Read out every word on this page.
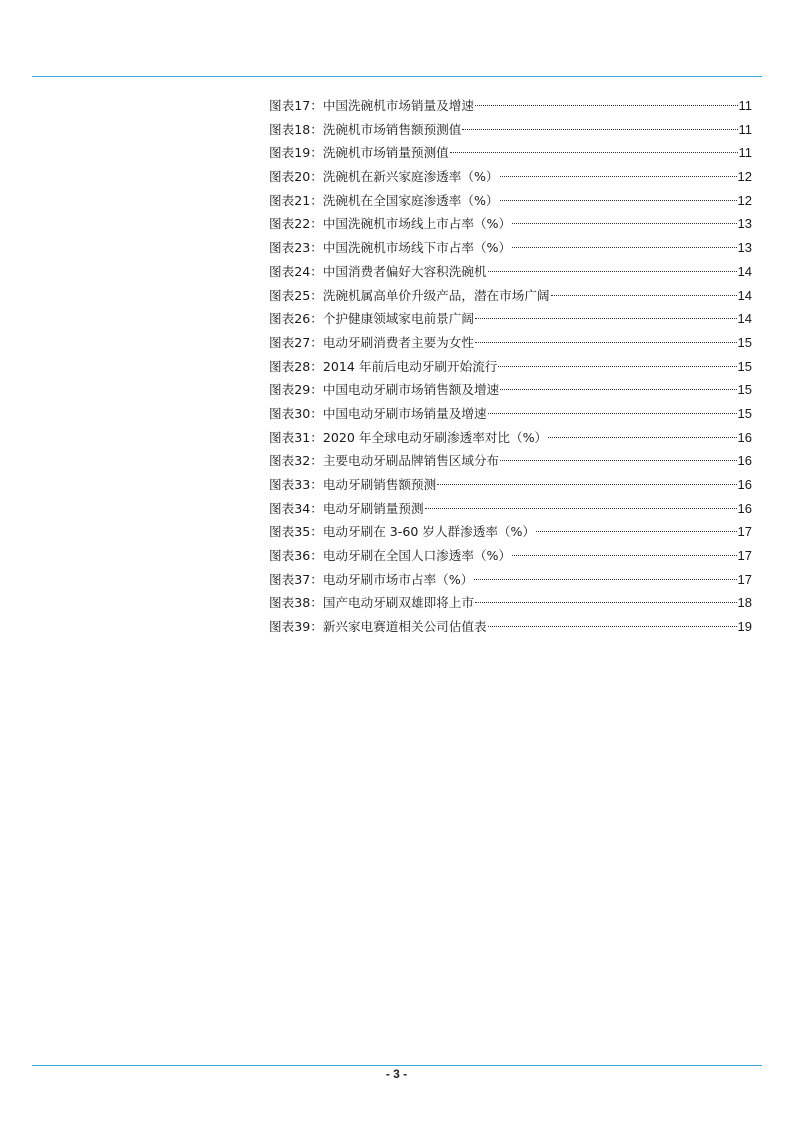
图表17： 中国洗碗机市场销量及增速	11
图表18： 洗碗机市场销售额预测值	11
图表19： 洗碗机市场销量预测值	11
图表20： 洗碗机在新兴家庭渗透率（%）	12
图表21： 洗碗机在全国家庭渗透率（%）	12
图表22： 中国洗碗机市场线上市占率（%）	13
图表23： 中国洗碗机市场线下市占率（%）	13
图表24： 中国消费者偏好大容积洗碗机	14
图表25： 洗碗机属高单价升级产品，潜在市场广阔	14
图表26： 个护健康领域家电前景广阔	14
图表27： 电动牙刷消费者主要为女性	15
图表28： 2014 年前后电动牙刷开始流行	15
图表29： 中国电动牙刷市场销售额及增速	15
图表30： 中国电动牙刷市场销量及增速	15
图表31： 2020 年全球电动牙刷渗透率对比（%）	16
图表32： 主要电动牙刷品牌销售区域分布	16
图表33： 电动牙刷销售额预测	16
图表34： 电动牙刷销量预测	16
图表35： 电动牙刷在 3-60 岁人群渗透率（%）	17
图表36： 电动牙刷在全国人口渗透率（%）	17
图表37： 电动牙刷市场市占率（%）	17
图表38： 国产电动牙刷双雄即将上市	18
图表39： 新兴家电赛道相关公司估值表	19
- 3 -
